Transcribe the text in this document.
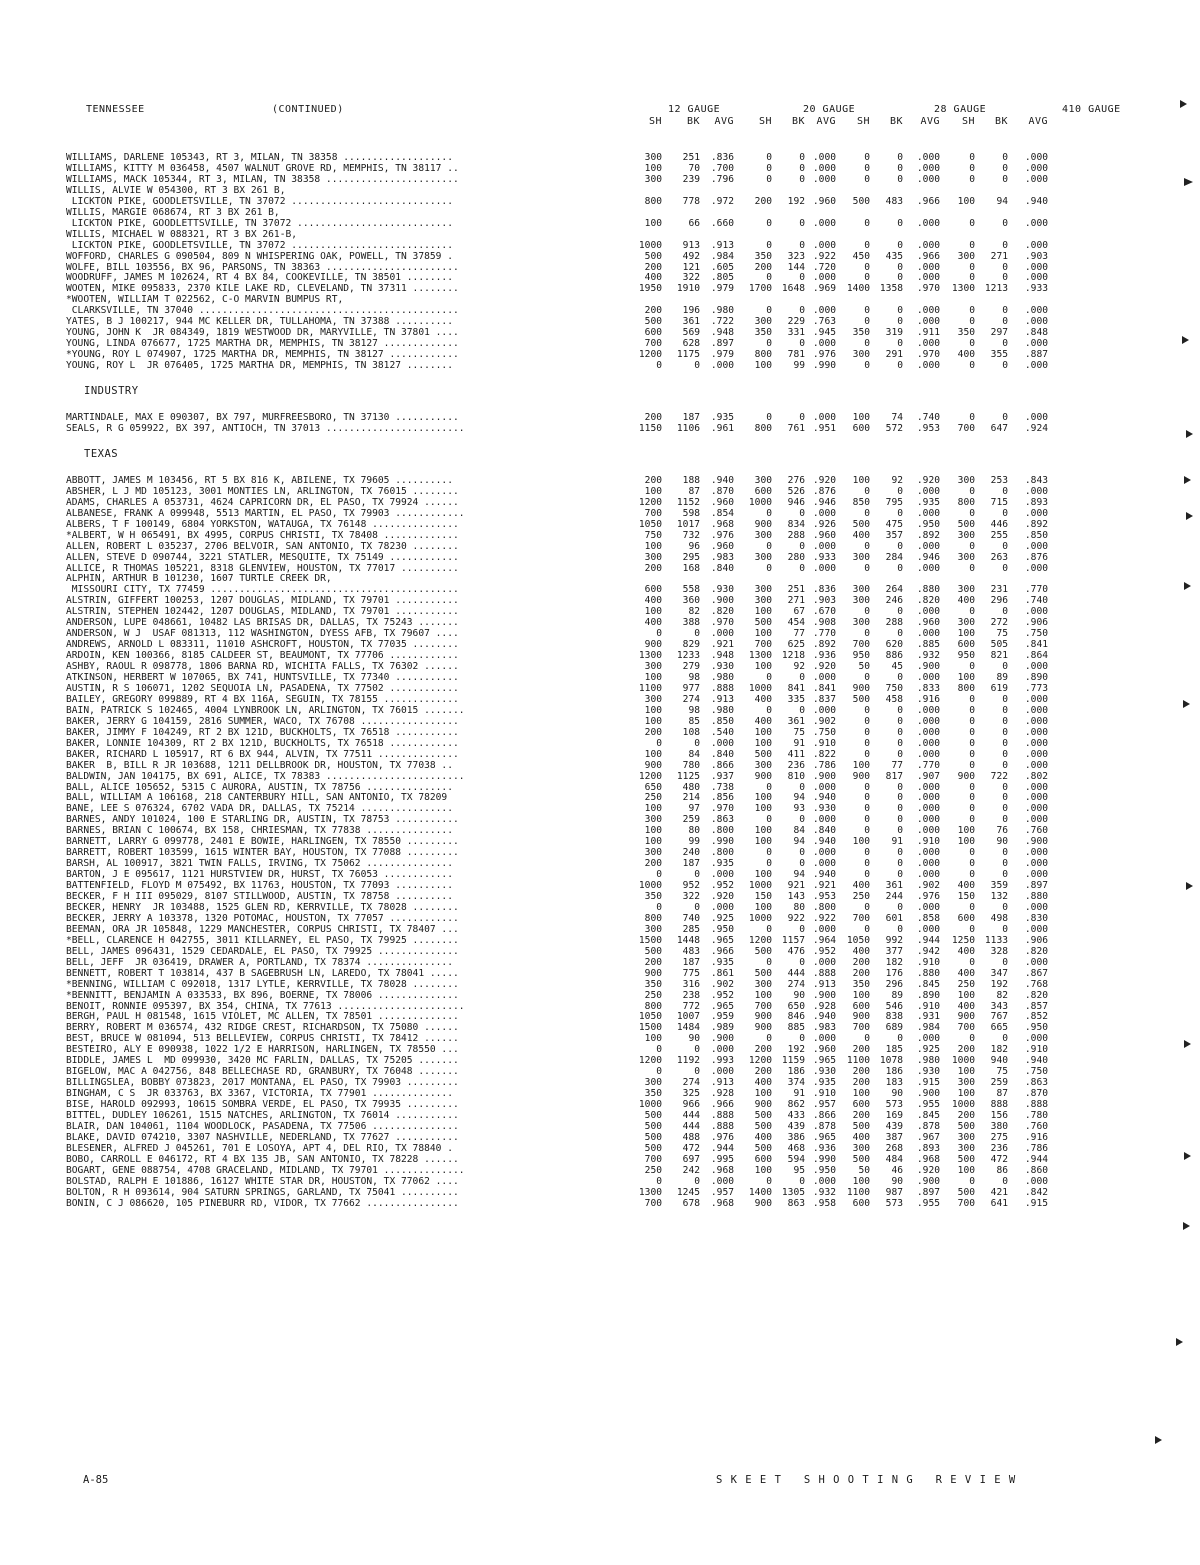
TENNESSEE	(CONTINUED)	12 GAUGE	20 GAUGE	28 GAUGE	410 GAUGE
SH	BK	AVG	SH	BK	AVG	SH	BK	AVG	SH	BK	AVG
WILLIAMS, DARLENE 105343, RT 3, MILAN, TN 38358 ...................	300	251	.836	0	0 .000	0	0	.000	0	0	.000
WILLIAMS, KITTY M 036458, 4507 WALNUT GROVE RD, MEMPHIS, TN 38117 ..	100	70	.700	0	0 .000	0	0	.000	0	0	.000
WILLIAMS, MACK 105344, RT 3, MILAN, TN 38358 .......................	300	239	.796	0	0 .000	0	0	.000	0	0	.000
WILLIS, ALVIE W 054300, RT 3 BX 261 B,
LICKTON PIKE, GOODLETSVILLE, TN 37072 ............................	800	778	.972	200	192 .960	500	483	.966	100	94	.940
WILLIS, MARGIE 068674, RT 3 BX 261 B,
LICKTON PIKE, GOODLETTSVILLE, TN 37072 ...........................	100	66	.660	0	0 .000	0	0	.000	0	0	.000
WILLIS, MICHAEL W 088321, RT 3 BX 261-B,
LICKTON PIKE, GOODLETSVILLE, TN 37072 ............................	1000	913	.913	0	0 .000	0	0	.000	0	0	.000
WOFFORD, CHARLES G 090504, 809 N WHISPERING OAK, POWELL, TN 37859 .	500	492	.984	350	323 .922	450	435	.966	300	271	.903
WOLFE, BILL 103556, BX 96, PARSONS, TN 38363 .......................	200	121	.605	200	144 .720	0	0	.000	0	0	.000
WOODRUFF, JAMES M 102624, RT 4 BX 84, COOKEVILLE, TN 38501 ........	400	322	.805	0	0 .000	0	0	.000	0	0	.000
WOOTEN, MIKE 095833, 2370 KILE LAKE RD, CLEVELAND, TN 37311 ........	1950	1910	.979	1700	1648 .969	1400	1358	.970	1300	1213	.933
*WOOTEN, WILLIAM T 022562, C-O MARVIN BUMPUS RT,
CLARKSVILLE, TN 37040 .............................................	200	196	.980	0	0 .000	0	0	.000	0	0	.000
YATES, B J 100217, 944 MC KELLER DR, TULLAHOMA, TN 37388 ..........	500	361	.722	300	229 .763	0	0	.000	0	0	.000
YOUNG, JOHN K  JR 084349, 1819 WESTWOOD DR, MARYVILLE, TN 37801 ....	600	569	.948	350	331 .945	350	319	.911	350	297	.848
YOUNG, LINDA 076677, 1725 MARTHA DR, MEMPHIS, TN 38127 .............	700	628	.897	0	0 .000	0	0	.000	0	0	.000
*YOUNG, ROY L 074907, 1725 MARTHA DR, MEMPHIS, TN 38127 ............	1200	1175	.979	800	781 .976	300	291	.970	400	355	.887
YOUNG, ROY L  JR 076405, 1725 MARTHA DR, MEMPHIS, TN 38127 ........	0	0	.000	100	99 .990	0	0	.000	0	0	.000
INDUSTRY
MARTINDALE, MAX E 090307, BX 797, MURFREESBORO, TN 37130 ...........	200	187	.935	0	0 .000	100	74	.740	0	0	.000
SEALS, R G 059922, BX 397, ANTIOCH, TN 37013 ........................	1150	1106	.961	800	761 .951	600	572	.953	700	647	.924
TEXAS
ABBOTT, JAMES M 103456, RT 5 BX 816 K, ABILENE, TX 79605 ..........	200	188	.940	300	276 .920	100	92	.920	300	253	.843
ABSHER, L J MD 105123, 3001 MONTIES LN, ARLINGTON, TX 76015 ........	100	87	.870	600	526 .876	0	0	.000	0	0	.000
ADAMS, CHARLES A 053731, 4624 CAPRICORN DR, EL PASO, TX 79924 ......	1200	1152	.960	1000	946 .946	850	795	.935	800	715	.893
ALBANESE, FRANK A 099948, 5513 MARTIN, EL PASO, TX 79903 ............	700	598	.854	0	0 .000	0	0	.000	0	0	.000
ALBERS, T F 100149, 6804 YORKSTON, WATAUGA, TX 76148 ...............	1050	1017	.968	900	834 .926	500	475	.950	500	446	.892
*ALBERT, W H 065491, BX 4995, CORPUS CHRISTI, TX 78408 .............	750	732	.976	300	288 .960	400	357	.892	300	255	.850
ALLEN, ROBERT L 035237, 2706 BELVOIR, SAN ANTONIO, TX 78230 ........	100	96	.960	0	0 .000	0	0	.000	0	0	.000
ALLEN, STEVE D 090744, 3221 STATLER, MESQUITE, TX 75149 ............	300	295	.983	300	280 .933	300	284	.946	300	263	.876
ALLICE, R THOMAS 105221, 8318 GLENVIEW, HOUSTON, TX 77017 ..........	200	168	.840	0	0 .000	0	0	.000	0	0	.000
ALPHIN, ARTHUR B 101230, 1607 TURTLE CREEK DR,
MISSOURI CITY, TX 77459 ...........................................	600	558	.930	300	251 .836	300	264	.880	300	231	.770
ALSTRIN, GIFFERT 100253, 1207 DOUGLAS, MIDLAND, TX 79701 ...........	400	360	.900	300	271 .903	300	246	.820	400	296	.740
ALSTRIN, STEPHEN 102442, 1207 DOUGLAS, MIDLAND, TX 79701 ...........	100	82	.820	100	67 .670	0	0	.000	0	0	.000
ANDERSON, LUPE 048661, 10482 LAS BRISAS DR, DALLAS, TX 75243 .......	400	388	.970	500	454 .908	300	288	.960	300	272	.906
ANDERSON, W J  USAF 081313, 112 WASHINGTON, DYESS AFB, TX 79607 ....	0	0	.000	100	77 .770	0	0	.000	100	75	.750
ANDREWS, ARNOLD L 083311, 11010 ASHCROFT, HOUSTON, TX 77035 ........	900	829	.921	700	625 .892	700	620	.885	600	505	.841
ARDOIN, KEN 100366, 8185 CALDEER ST, BEAUMONT, TX 77706 ............	1300	1233	.948	1300	1218 .936	950	886	.932	950	821	.864
ASHBY, RAOUL R 098778, 1806 BARNA RD, WICHITA FALLS, TX 76302 ......	300	279	.930	100	92 .920	50	45	.900	0	0	.000
ATKINSON, HERBERT W 107065, BX 741, HUNTSVILLE, TX 77340 ...........	100	98	.980	0	0 .000	0	0	.000	100	89	.890
AUSTIN, R S 106071, 1202 SEQUOIA LN, PASADENA, TX 77502 ............	1100	977	.888	1000	841 .841	900	750	.833	800	619	.773
BAILEY, GREGORY 099889, RT 4 BX 116A, SEGUIN, TX 78155 .............	300	274	.913	400	335 .837	500	458	.916	0	0	.000
BAIN, PATRICK S 102465, 4004 LYNBROOK LN, ARLINGTON, TX 76015 .......	100	98	.980	0	0 .000	0	0	.000	0	0	.000
BAKER, JERRY G 104159, 2816 SUMMER, WACO, TX 76708 .................	100	85	.850	400	361 .902	0	0	.000	0	0	.000
BAKER, JIMMY F 104249, RT 2 BX 121D, BUCKHOLTS, TX 76518 ...........	200	108	.540	100	75 .750	0	0	.000	0	0	.000
BAKER, LONNIE 104309, RT 2 BX 121D, BUCKHOLTS, TX 76518 ............	0	0	.000	100	91 .910	0	0	.000	0	0	.000
BAKER, RICHARD L 105917, RT 6 BX 944, ALVIN, TX 77511 ..............	100	84	.840	500	411 .822	0	0	.000	0	0	.000
BAKER  B, BILL R JR 103688, 1211 DELLBROOK DR, HOUSTON, TX 77038 ..	900	780	.866	300	236 .786	100	77	.770	0	0	.000
BALDWIN, JAN 104175, BX 691, ALICE, TX 78383 ........................	1200	1125	.937	900	810 .900	900	817	.907	900	722	.802
BALL, ALICE 105652, 5315 C AURORA, AUSTIN, TX 78756 ...............	650	480	.738	0	0 .000	0	0	.000	0	0	.000
BALL, WILLIAM A 106168, 218 CANTERBURY HILL, SAN ANTONIO, TX 78209	250	214	.856	100	94 .940	0	0	.000	0	0	.000
BANE, LEE S 076324, 6702 VADA DR, DALLAS, TX 75214 ................	100	97	.970	100	93 .930	0	0	.000	0	0	.000
BARNES, ANDY 101024, 100 E STARLING DR, AUSTIN, TX 78753 ...........	300	259	.863	0	0 .000	0	0	.000	0	0	.000
BARNES, BRIAN C 100674, BX 158, CHRIESMAN, TX 77838 ...............	100	80	.800	100	84 .840	0	0	.000	100	76	.760
BARNETT, LARRY G 099778, 2401 E BOWIE, HARLINGEN, TX 78550 .........	100	99	.990	100	94 .940	100	91	.910	100	90	.900
BARRETT, ROBERT 103599, 1615 WINTER BAY, HOUSTON, TX 77088 .........	300	240	.800	0	0 .000	0	0	.000	0	0	.000
BARSH, AL 100917, 3821 TWIN FALLS, IRVING, TX 75062 ...............	200	187	.935	0	0 .000	0	0	.000	0	0	.000
BARTON, J E 095617, 1121 HURSTVIEW DR, HURST, TX 76053 ............	0	0	.000	100	94 .940	0	0	.000	0	0	.000
BATTENFIELD, FLOYD M 075492, BX 11763, HOUSTON, TX 77093 ..........	1000	952	.952	1000	921 .921	400	361	.902	400	359	.897
BECKER, F H III 095029, 8107 STILLWOOD, AUSTIN, TX 78758 ..........	350	322	.920	150	143 .953	250	244	.976	150	132	.880
BECKER, HENRY  JR 103488, 1525 GLEN RD, KERRVILLE, TX 78028 ........	0	0	.000	100	80 .800	0	0	.000	0	0	.000
BECKER, JERRY A 103378, 1320 POTOMAC, HOUSTON, TX 77057 ............	800	740	.925	1000	922 .922	700	601	.858	600	498	.830
BEEMAN, ORA JR 105848, 1229 MANCHESTER, CORPUS CHRISTI, TX 78407 ...	300	285	.950	0	0 .000	0	0	.000	0	0	.000
*BELL, CLARENCE H 042755, 3011 KILLARNEY, EL PASO, TX 79925 ........	1500	1448	.965	1200	1157 .964	1050	992	.944	1250	1133	.906
BELL, JAMES 096431, 1529 CEDARDALE, EL PASO, TX 79925 ..............	500	483	.966	500	476 .952	400	377	.942	400	328	.820
BELL, JEFF  JR 036419, DRAWER A, PORTLAND, TX 78374 ...............	200	187	.935	0	0 .000	200	182	.910	0	0	.000
BENNETT, ROBERT T 103814, 437 B SAGEBRUSH LN, LAREDO, TX 78041 .....	900	775	.861	500	444 .888	200	176	.880	400	347	.867
*BENNING, WILLIAM C 092018, 1317 LYTLE, KERRVILLE, TX 78028 ........	350	316	.902	300	274 .913	350	296	.845	250	192	.768
*BENNITT, BENJAMIN A 033533, BX 896, BOERNE, TX 78006 ..............	250	238	.952	100	90 .900	100	89	.890	100	82	.820
BENOIT, RONNIE 095397, BX 354, CHINA, TX 77613 ......................	800	772	.965	700	650 .928	600	546	.910	400	343	.857
BERGH, PAUL H 081548, 1615 VIOLET, MC ALLEN, TX 78501 ..............	1050	1007	.959	900	846 .940	900	838	.931	900	767	.852
BERRY, ROBERT M 036574, 432 RIDGE CREST, RICHARDSON, TX 75080 ......	1500	1484	.989	900	885 .983	700	689	.984	700	665	.950
BEST, BRUCE W 081094, 513 BELLEVIEW, CORPUS CHRISTI, TX 78412 ......	100	90	.900	0	0 .000	0	0	.000	0	0	.000
BESTEIRO, ALY E 090938, 1022 1/2 E HARRISON, HARLINGEN, TX 78550 ...	0	0	.000	200	192 .960	200	185	.925	200	182	.910
BIDDLE, JAMES L  MD 099930, 3420 MC FARLIN, DALLAS, TX 75205 .......	1200	1192	.993	1200	1159 .965	1100	1078	.980	1000	940	.940
BIGELOW, MAC A 042756, 848 BELLECHASE RD, GRANBURY, TX 76048 .......	0	0	.000	200	186 .930	200	186	.930	100	75	.750
BILLINGSLEA, BOBBY 073823, 2017 MONTANA, EL PASO, TX 79903 .........	300	274	.913	400	374 .935	200	183	.915	300	259	.863
BINGHAM, C S  JR 033763, BX 3367, VICTORIA, TX 77901 ..............	350	325	.928	100	91 .910	100	90	.900	100	87	.870
BISE, HAROLD 092993, 10615 SOMBRA VERDE, EL PASO, TX 79935 .........	1000	966	.966	900	862 .957	600	573	.955	1000	888	.888
BITTEL, DUDLEY 106261, 1515 NATCHES, ARLINGTON, TX 76014 ...........	500	444	.888	500	433 .866	200	169	.845	200	156	.780
BLAIR, DAN 104061, 1104 WOODLOCK, PASADENA, TX 77506 ...............	500	444	.888	500	439 .878	500	439	.878	500	380	.760
BLAKE, DAVID 074210, 3307 NASHVILLE, NEDERLAND, TX 77627 ...........	500	488	.976	400	386 .965	400	387	.967	300	275	.916
BLESENER, ALFRED J 045261, 701 E LOSOYA, APT 4, DEL RIO, TX 78840 .	500	472	.944	500	468 .936	300	268	.893	300	236	.786
BOBO, CARROLL E 046172, RT 4 BX 135 JB, SAN ANTONIO, TX 78228 ......	700	697	.995	600	594 .990	500	484	.968	500	472	.944
BOGART, GENE 088754, 4708 GRACELAND, MIDLAND, TX 79701 ..............	250	242	.968	100	95 .950	50	46	.920	100	86	.860
BOLSTAD, RALPH E 101886, 16127 WHITE STAR DR, HOUSTON, TX 77062 ....	0	0	.000	0	0 .000	100	90	.900	0	0	.000
BOLTON, R H 093614, 904 SATURN SPRINGS, GARLAND, TX 75041 ..........	1300	1245	.957	1400	1305 .932	1100	987	.897	500	421	.842
BONIN, C J 086620, 105 PINEBURR RD, VIDOR, TX 77662 ................	700	678	.968	900	863 .958	600	573	.955	700	641	.915
A-85	S K E E T   S H O O T I N G   R E V I E W
